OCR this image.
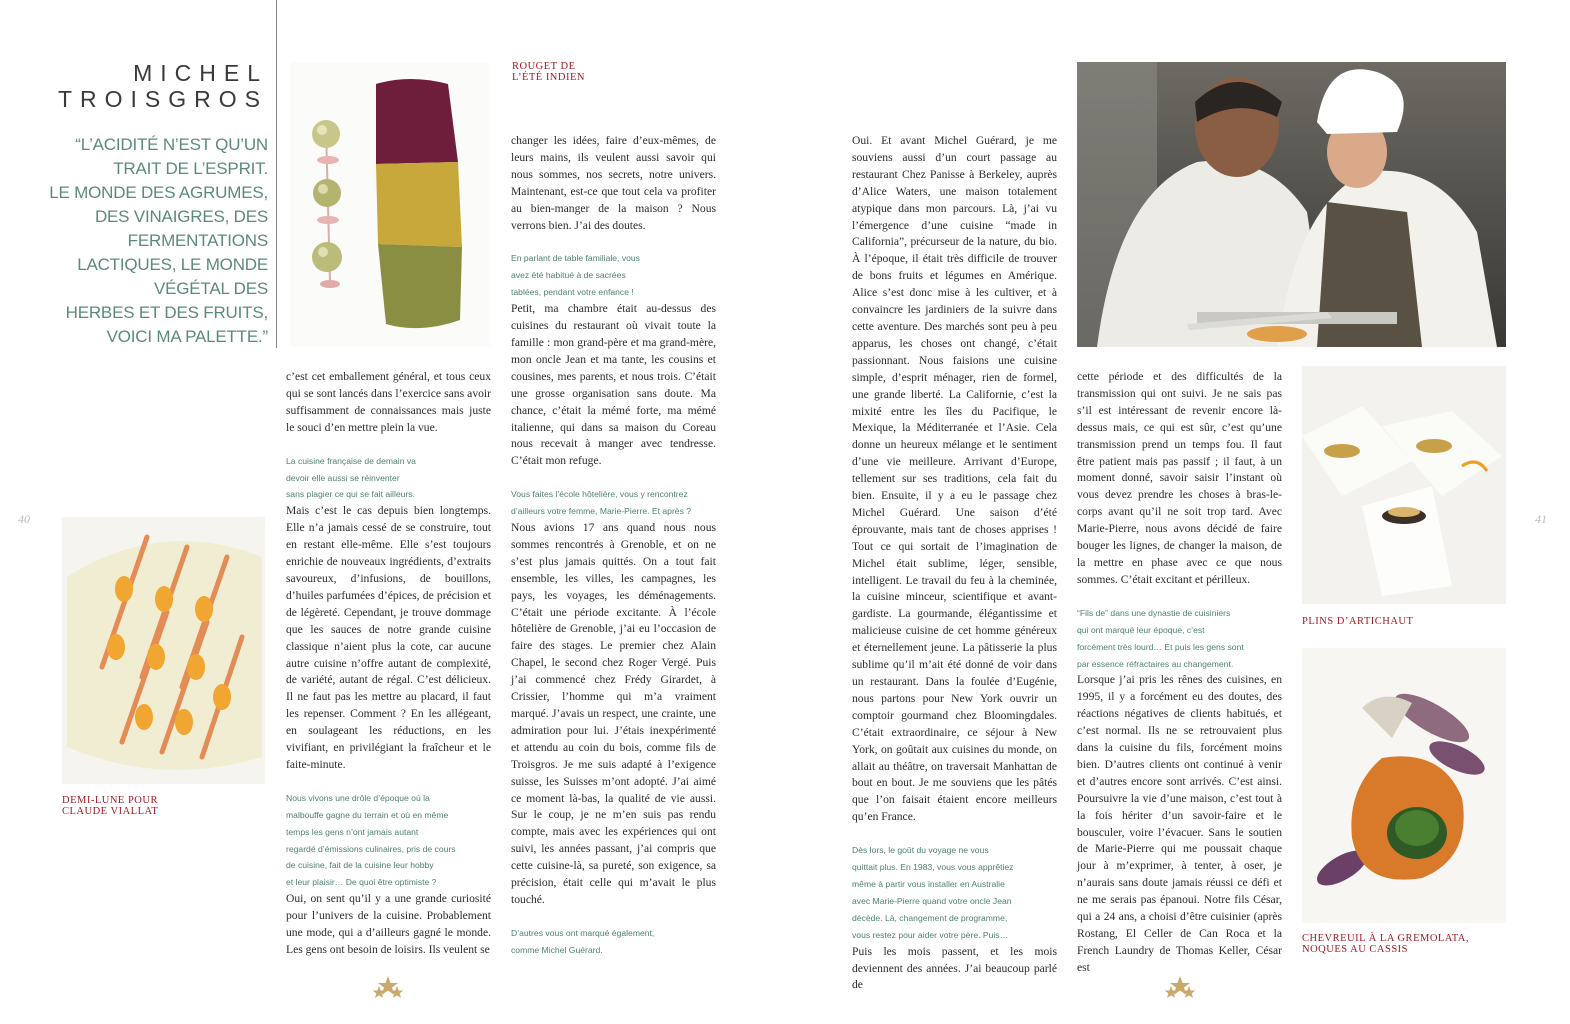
MICHEL
TROISGROS
“L’ACIDITÉ N’EST QU’UN
TRAIT DE L’ESPRIT.
LE MONDE DES AGRUMES,
DES VINAIGRES, DES
FERMENTATIONS
LACTIQUES, LE MONDE
VÉGÉTAL DES
HERBES ET DES FRUITS,
VOICI MA PALETTE.”
ROUGET DE
L’ÉTÉ INDIEN
DEMI-LUNE POUR
CLAUDE VIALLAT
PLINS D’ARTICHAUT
CHEVREUIL À LA GREMOLATA,
NOQUES AU CASSIS
40	41

c’est cet emballement général, et tous ceux qui se sont lancés dans l’exercice sans avoir suffisamment de connaissances mais juste le souci d’en mettre plein la vue.

La cuisine française de demain va
devoir elle aussi se réinventer
sans plagier ce qui se fait ailleurs.

Mais c’est le cas depuis bien longtemps. Elle n’a jamais cessé de se construire, tout en restant elle-même. Elle s’est toujours enrichie de nouveaux ingrédients, d’extraits savoureux, d’infusions, de bouillons, d’huiles parfumées d’épices, de précision et de légèreté. Cependant, je trouve dommage que les sauces de notre grande cuisine classique n’aient plus la cote, car aucune autre cuisine n’offre autant de complexité, de variété, autant de régal. C’est délicieux. Il ne faut pas les mettre au placard, il faut les repenser. Comment ? En les allégeant, en soulageant les réductions, en les vivifiant, en privilégiant la fraîcheur et le faite-minute.

Nous vivons une drôle d’époque où la
malbouffe gagne du terrain et où en même
temps les gens n’ont jamais autant
regardé d’émissions culinaires, pris de cours
de cuisine, fait de la cuisine leur hobby
et leur plaisir… De quoi être optimiste ?

Oui, on sent qu’il y a une grande curiosité pour l’univers de la cuisine. Probablement une mode, qui a d’ailleurs gagné le monde. Les gens ont besoin de loisirs. Ils veulent se

changer les idées, faire d’eux-mêmes, de leurs mains, ils veulent aussi savoir qui nous sommes, nos secrets, notre univers. Maintenant, est-ce que tout cela va profiter au bien-manger de la maison ? Nous verrons bien. J’ai des doutes.

En parlant de table familiale, vous
avez été habitué à de sacrées
tablées, pendant votre enfance !

Petit, ma chambre était au-dessus des cuisines du restaurant où vivait toute la famille : mon grand-père et ma grand-mère, mon oncle Jean et ma tante, les cousins et cousines, mes parents, et nous trois. C’était une grosse organisation sans doute. Ma chance, c’était la mémé forte, ma mémé italienne, qui dans sa maison du Coreau nous recevait à manger avec tendresse. C’était mon refuge.

Vous faites l’école hôtelière, vous y rencontrez
d’ailleurs votre femme, Marie-Pierre. Et après ?

Nous avions 17 ans quand nous nous sommes rencontrés à Grenoble, et on ne s’est plus jamais quittés. On a tout fait ensemble, les villes, les campagnes, les pays, les voyages, les déménagements. C’était une période excitante. À l’école hôtelière de Grenoble, j’ai eu l’occasion de faire des stages. Le premier chez Alain Chapel, le second chez Roger Vergé. Puis j’ai commencé chez Frédy Girardet, à Crissier, l’homme qui m’a vraiment marqué. J’avais un respect, une crainte, une admiration pour lui. J’étais inexpérimenté et attendu au coin du bois, comme fils de Troisgros. Je me suis adapté à l’exigence suisse, les Suisses m’ont adopté. J’ai aimé ce moment là-bas, la qualité de vie aussi. Sur le coup, je ne m’en suis pas rendu compte, mais avec les expériences qui ont suivi, les années passant, j’ai compris que cette cuisine-là, sa pureté, son exigence, sa précision, était celle qui m’avait le plus touché.

D’autres vous ont marqué également,
comme Michel Guérard.

Oui. Et avant Michel Guérard, je me souviens aussi d’un court passage au restaurant Chez Panisse à Berkeley, auprès d’Alice Waters, une maison totalement atypique dans mon parcours. Là, j’ai vu l’émergence d’une cuisine “made in California”, précurseur de la nature, du bio. À l’époque, il était très difficile de trouver de bons fruits et légumes en Amérique. Alice s’est donc mise à les cultiver, et à convaincre les jardiniers de la suivre dans cette aventure. Des marchés sont peu à peu apparus, les choses ont changé, c’était passionnant. Nous faisions une cuisine simple, d’esprit ménager, rien de formel, une grande liberté. La Californie, c’est la mixité entre les îles du Pacifique, le Mexique, la Méditerranée et l’Asie. Cela donne un heureux mélange et le sentiment d’une vie meilleure. Arrivant d’Europe, tellement sur ses traditions, cela fait du bien. Ensuite, il y a eu le passage chez Michel Guérard. Une saison d’été éprouvante, mais tant de choses apprises ! Tout ce qui sortait de l’imagination de Michel était sublime, léger, sensible, intelligent. Le travail du feu à la cheminée, la cuisine minceur, scientifique et avant-gardiste. La gourmande, élégantissime et malicieuse cuisine de cet homme généreux et éternellement jeune. La pâtisserie la plus sublime qu’il m’ait été donné de voir dans un restaurant. Dans la foulée d’Eugénie, nous partons pour New York ouvrir un comptoir gourmand chez Bloomingdales. C’était extraordinaire, ce séjour à New York, on goûtait aux cuisines du monde, on allait au théâtre, on traversait Manhattan de bout en bout. Je me souviens que les pâtés que l’on faisait étaient encore meilleurs qu’en France.

Dès lors, le goût du voyage ne vous
quittait plus. En 1983, vous vous apprêtiez
même à partir vous installer en Australie
avec Marie-Pierre quand votre oncle Jean
décède. Là, changement de programme,
vous restez pour aider votre père. Puis…

Puis les mois passent, et les mois deviennent des années. J’ai beaucoup parlé de

cette période et des difficultés de la transmission qui ont suivi. Je ne sais pas s’il est intéressant de revenir encore là-dessus mais, ce qui est sûr, c’est qu’une transmission prend un temps fou. Il faut être patient mais pas passif ; il faut, à un moment donné, savoir saisir l’instant où vous devez prendre les choses à bras-le-corps avant qu’il ne soit trop tard. Avec Marie-Pierre, nous avons décidé de faire bouger les lignes, de changer la maison, de la mettre en phase avec ce que nous sommes. C’était excitant et périlleux.

“Fils de” dans une dynastie de cuisiniers
qui ont marqué leur époque, c’est
forcément très lourd… Et puis les gens sont
par essence réfractaires au changement.

Lorsque j’ai pris les rênes des cuisines, en 1995, il y a forcément eu des doutes, des réactions négatives de clients habitués, et c’est normal. Ils ne se retrouvaient plus dans la cuisine du fils, forcément moins bien. D’autres clients ont continué à venir et d’autres encore sont arrivés. C’est ainsi. Poursuivre la vie d’une maison, c’est tout à la fois hériter d’un savoir-faire et le bousculer, voire l’évacuer. Sans le soutien de Marie-Pierre qui me poussait chaque jour à m’exprimer, à tenter, à oser, je n’aurais sans doute jamais réussi ce défi et ne me serais pas épanoui. Notre fils César, qui a 24 ans, a choisi d’être cuisinier (après Rostang, El Celler de Can Roca et la French Laundry de Thomas Keller, César est
